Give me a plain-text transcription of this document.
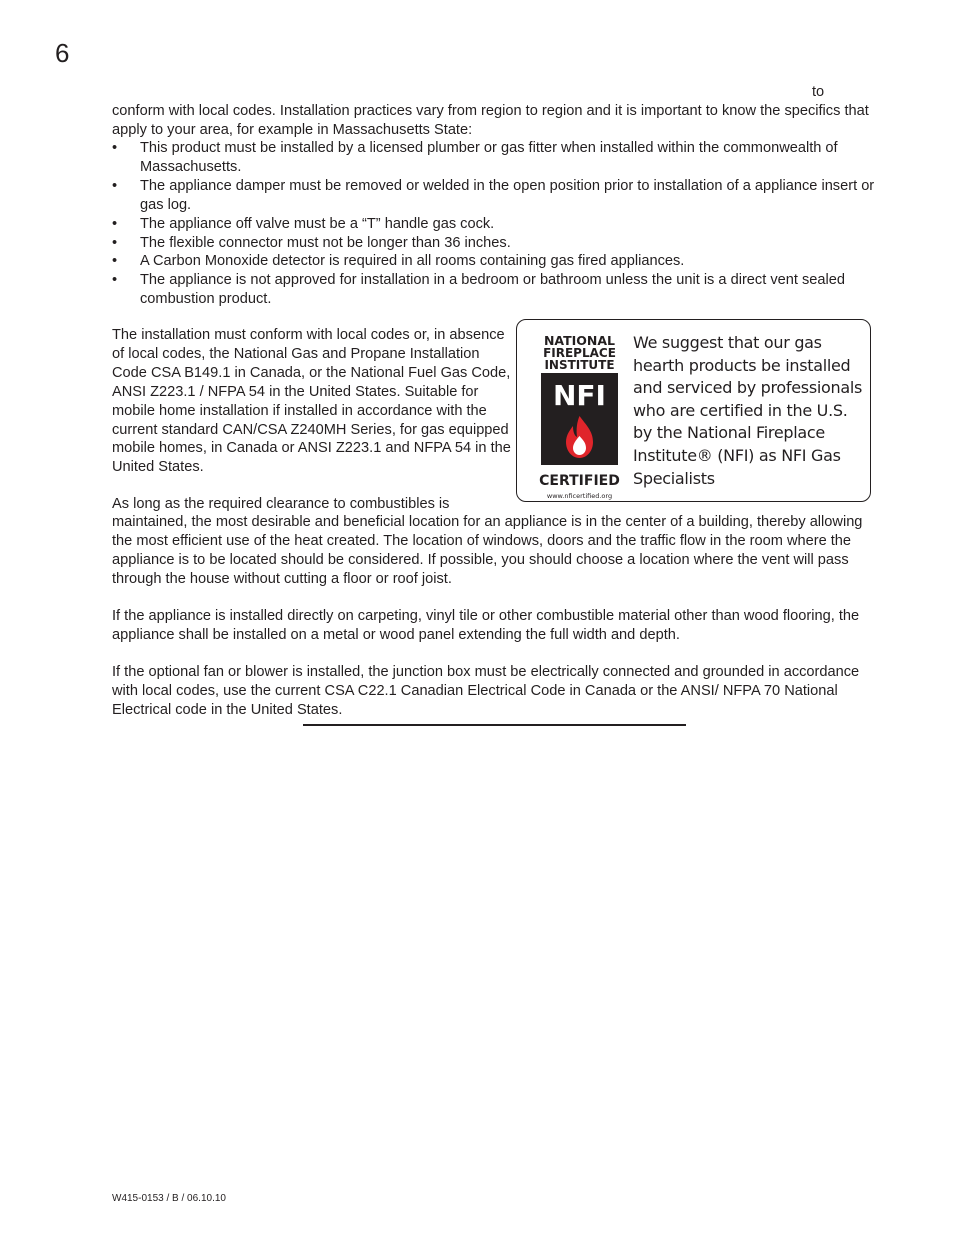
6
to
conform with local codes. Installation practices vary from region to region and it is important to know the specifics that apply to your area, for example in Massachusetts State:
• This product must be installed by a licensed plumber or gas fitter when installed within the commonwealth of Massachusetts.
• The appliance damper must be removed or welded in the open position prior to installation of a appliance insert or gas log.
• The appliance off valve must be a “T” handle gas cock.
• The flexible connector must not be longer than 36 inches.
• A Carbon Monoxide detector is required in all rooms containing gas fired appliances.
• The appliance is not approved for installation in a bedroom or bathroom unless the unit is a direct vent sealed combustion product.
The installation must conform with local codes or, in absence of local codes, the National Gas and Propane Installation Code CSA B149.1 in Canada, or the National Fuel Gas Code, ANSI Z223.1 / NFPA 54 in the United States. Suitable for mobile home installation if installed in accordance with the current standard CAN/CSA Z240MH Series, for gas equipped mobile homes, in Canada or ANSI Z223.1 and NFPA 54 in the United States.
NATIONAL
FIREPLACE
INSTITUTE
NFI
CERTIFIED
www.nficertified.org
We suggest that our gas hearth products be installed and serviced by professionals who are certified in the U.S. by the National Fireplace Institute® (NFI) as NFI Gas Specialists
As long as the required clearance to combustibles is
maintained, the most desirable and beneficial location for an appliance is in the center of a building, thereby allowing the most efficient use of the heat created. The location of windows, doors and the traffic flow in the room where the appliance is to be located should be considered. If possible, you should choose a location where the vent will pass through the house without cutting a floor or roof joist.
If the appliance is installed directly on carpeting, vinyl tile or other combustible material other than wood flooring, the appliance shall be installed on a metal or wood panel extending the full width and depth.
If the optional fan or blower is installed, the junction box must be electrically connected and grounded in accordance with local codes, use the current CSA C22.1 Canadian Electrical Code in Canada or the ANSI/ NFPA 70 National Electrical code in the United States.
W415-0153 / B / 06.10.10
